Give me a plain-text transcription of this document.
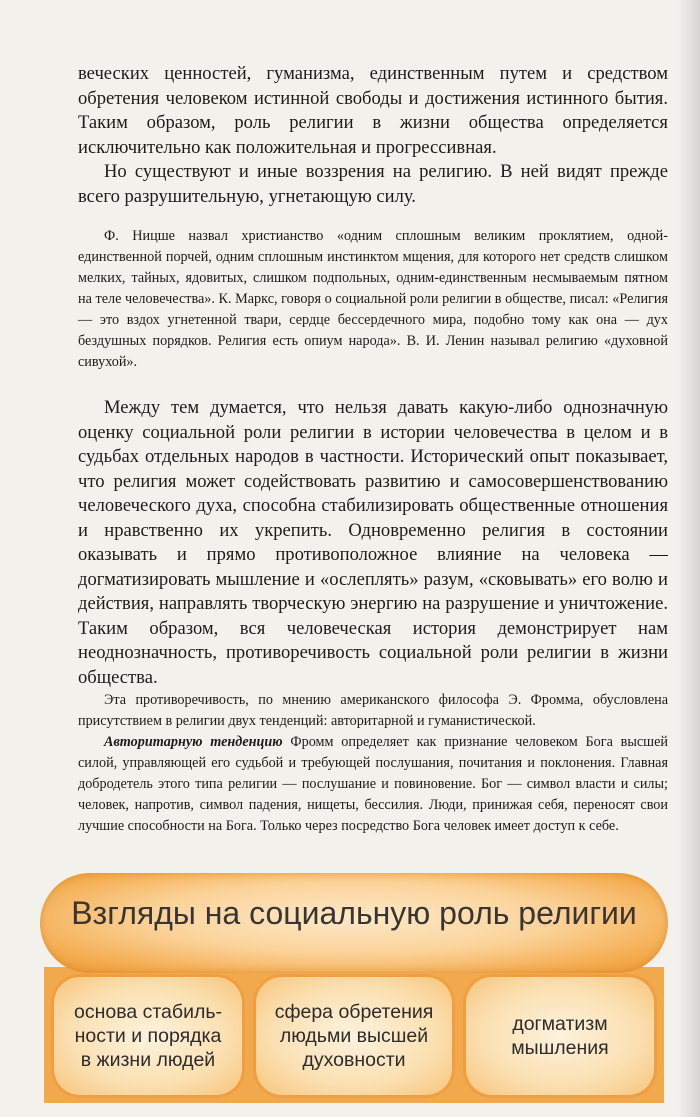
веческих ценностей, гуманизма, единственным путем и средством обретения человеком истинной свободы и достижения истинного бытия. Таким образом, роль религии в жизни общества определяется исключительно как положительная и прогрессивная.

Но существуют и иные воззрения на религию. В ней видят прежде всего разрушительную, угнетающую силу.

Ф. Ницше назвал христианство «одним сплошным великим проклятием, одной-единственной порчей, одним сплошным инстинктом мщения, для которого нет средств слишком мелких, тайных, ядовитых, слишком подпольных, одним-единственным несмываемым пятном на теле человечества». К. Маркс, говоря о социальной роли религии в обществе, писал: «Религия — это вздох угнетенной твари, сердце бессердечного мира, подобно тому как она — дух бездушных порядков. Религия есть опиум народа». В. И. Ленин называл религию «духовной сивухой».

Между тем думается, что нельзя давать какую-либо однозначную оценку социальной роли религии в истории человечества в целом и в судьбах отдельных народов в частности. Исторический опыт показывает, что религия может содействовать развитию и самосовершенствованию человеческого духа, способна стабилизировать общественные отношения и нравственно их укрепить. Одновременно религия в состоянии оказывать и прямо противоположное влияние на человека — догматизировать мышление и «ослеплять» разум, «сковывать» его волю и действия, направлять творческую энергию на разрушение и уничтожение. Таким образом, вся человеческая история демонстрирует нам неоднозначность, противоречивость социальной роли религии в жизни общества.

Эта противоречивость, по мнению американского философа Э. Фромма, обусловлена присутствием в религии двух тенденций: авторитарной и гуманистической.

Авторитарную тенденцию Фромм определяет как признание человеком Бога высшей силой, управляющей его судьбой и требующей послушания, почитания и поклонения. Главная добродетель этого типа религии — послушание и повиновение. Бог — символ власти и силы; человек, напротив, символ падения, нищеты, бессилия. Люди, принижая себя, переносят свои лучшие способности на Бога. Только через посредство Бога человек имеет доступ к себе.

Взгляды на социальную роль религии
основа стабиль-
ности и порядка
в жизни людей
сфера обретения
людьми высшей
духовности
догматизм
мышления
